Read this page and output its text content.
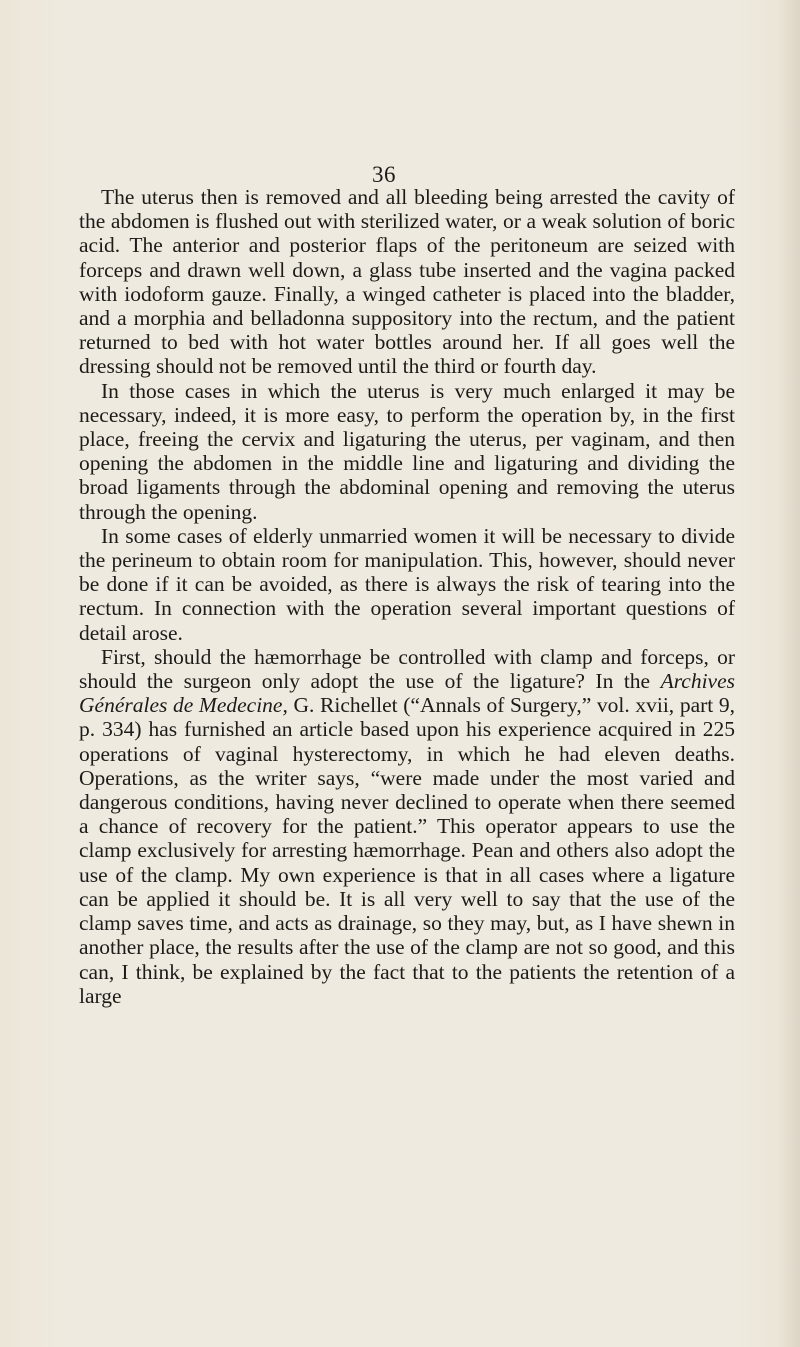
36

The uterus then is removed and all bleeding being arrested the cavity of the abdomen is flushed out with sterilized water, or a weak solution of boric acid. The anterior and posterior flaps of the peritoneum are seized with forceps and drawn well down, a glass tube inserted and the vagina packed with iodoform gauze. Finally, a winged catheter is placed into the bladder, and a morphia and belladonna suppository into the rectum, and the patient returned to bed with hot water bottles around her. If all goes well the dressing should not be removed until the third or fourth day.

In those cases in which the uterus is very much enlarged it may be necessary, indeed, it is more easy, to perform the operation by, in the first place, freeing the cervix and ligaturing the uterus, per vaginam, and then opening the abdomen in the middle line and ligaturing and dividing the broad ligaments through the abdominal opening and removing the uterus through the opening.

In some cases of elderly unmarried women it will be necessary to divide the perineum to obtain room for manipulation. This, however, should never be done if it can be avoided, as there is always the risk of tearing into the rectum. In connection with the operation several important questions of detail arose.

First, should the hæmorrhage be controlled with clamp and forceps, or should the surgeon only adopt the use of the ligature? In the Archives Générales de Medecine, G. Richellet (“Annals of Surgery,” vol. xvii, part 9, p. 334) has furnished an article based upon his experience acquired in 225 operations of vaginal hysterectomy, in which he had eleven deaths. Operations, as the writer says, “were made under the most varied and dangerous conditions, having never declined to operate when there seemed a chance of recovery for the patient.” This operator appears to use the clamp exclusively for arresting hæmorrhage. Pean and others also adopt the use of the clamp. My own experience is that in all cases where a ligature can be applied it should be. It is all very well to say that the use of the clamp saves time, and acts as drainage, so they may, but, as I have shewn in another place, the results after the use of the clamp are not so good, and this can, I think, be explained by the fact that to the patients the retention of a large
